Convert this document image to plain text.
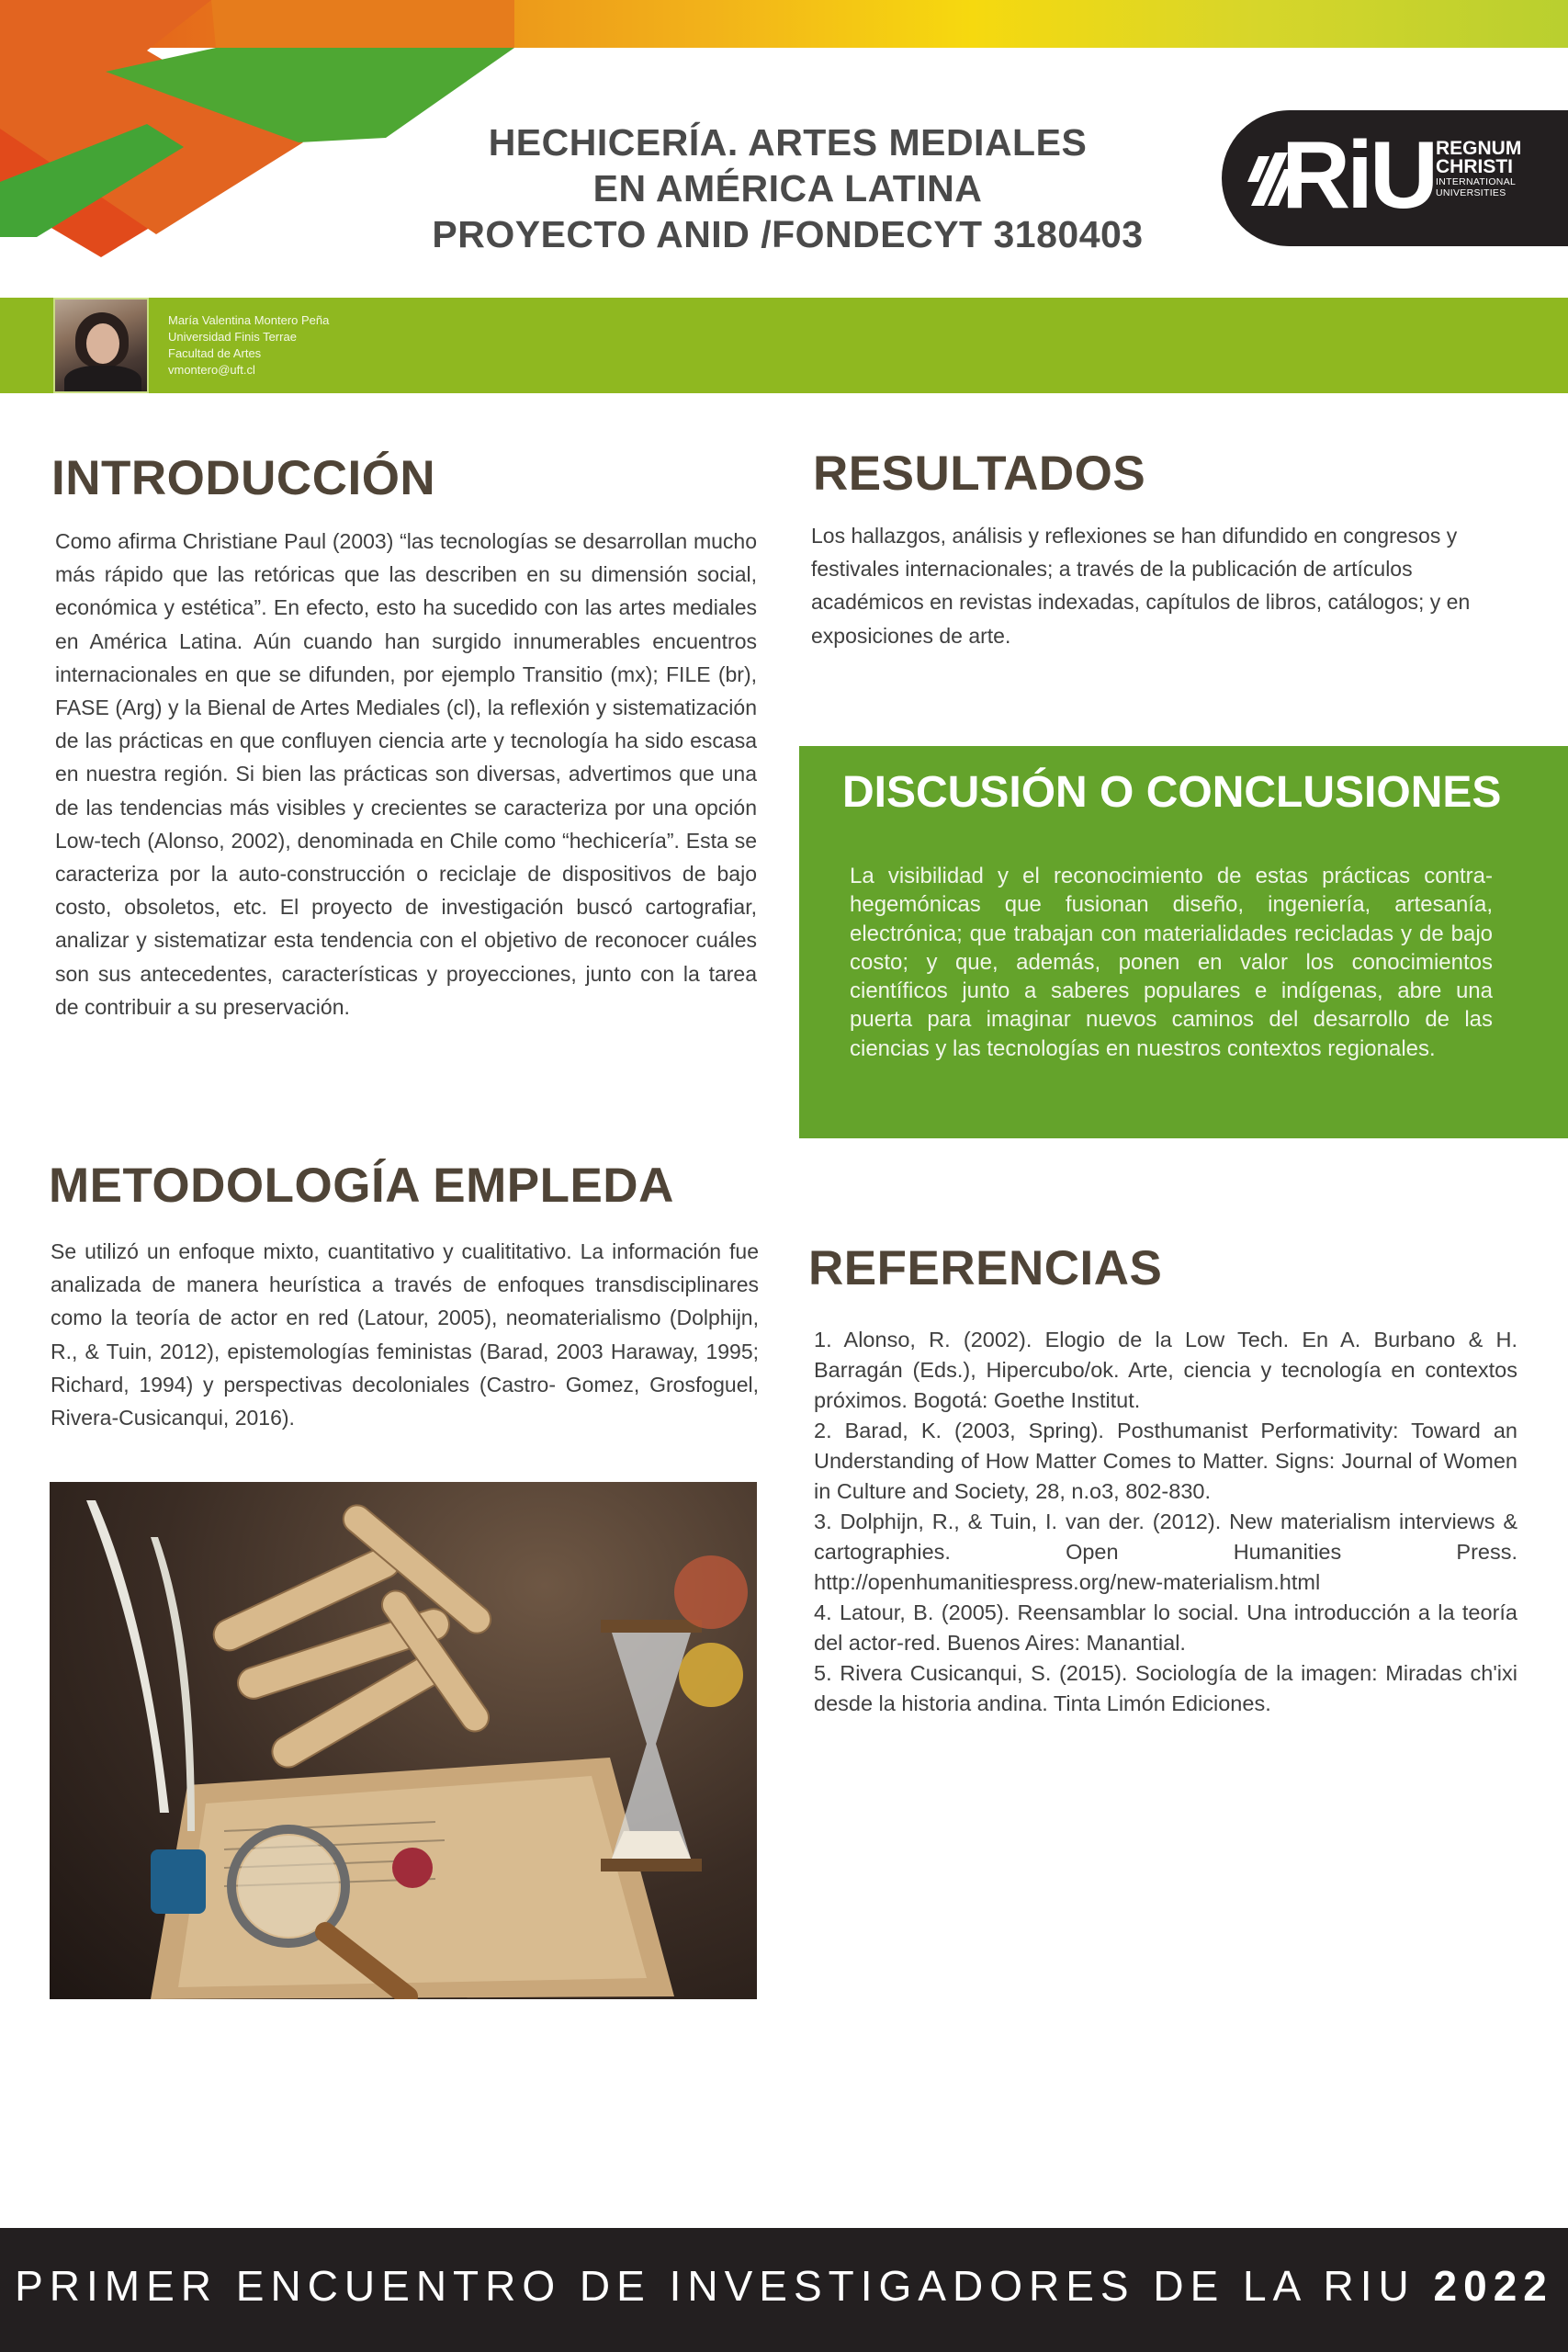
HECHICERÍA. ARTES MEDIALES
EN AMÉRICA LATINA
PROYECTO ANID /FONDECYT 3180403
RiU REGNUM
CHRISTI
INTERNATIONAL
UNIVERSITIES
María Valentina Montero Peña
Universidad Finis Terrae
Facultad de Artes
vmontero@uft.cl
INTRODUCCIÓN
Como afirma Christiane Paul (2003) “las tecnologías se desarrollan mucho más rápido que las retóricas que las describen en su dimensión social, económica y estética”. En efecto, esto ha sucedido con las artes mediales en América Latina. Aún cuando han surgido innumerables encuentros internacionales en que se difunden, por ejemplo Transitio (mx); FILE (br), FASE (Arg) y la Bienal de Artes Mediales (cl), la reflexión y sistematización de las prácticas en que confluyen ciencia arte y tecnología ha sido escasa en nuestra región. Si bien las prácticas son diversas, advertimos que una de las tendencias más visibles y crecientes se caracteriza por una opción Low-tech (Alonso, 2002), denominada en Chile como “hechicería”. Esta se caracteriza por la auto-construcción o reciclaje de dispositivos de bajo costo, obsoletos, etc. El proyecto de investigación buscó cartografiar, analizar y sistematizar esta tendencia con el objetivo de reconocer cuáles son sus antecedentes, características y proyecciones, junto con la tarea de contribuir a su preservación.
METODOLOGÍA EMPLEDA
Se utilizó un enfoque mixto, cuantitativo y cualititativo. La información fue analizada de manera heurística a través de enfoques transdisciplinares como la teoría de actor en red (Latour, 2005), neomaterialismo (Dolphijn, R., & Tuin, 2012), epistemologías feministas (Barad, 2003 Haraway, 1995; Richard, 1994) y perspectivas decoloniales (Castro- Gomez, Grosfoguel, Rivera-Cusicanqui, 2016).
RESULTADOS
Los hallazgos, análisis y reflexiones se han difundido en congresos y festivales internacionales; a través de la publicación de artículos académicos en revistas indexadas, capítulos de libros, catálogos; y en exposiciones de arte.
DISCUSIÓN O CONCLUSIONES
La visibilidad y el reconocimiento de estas prácticas contra-hegemónicas que fusionan diseño, ingeniería, artesanía, electrónica; que trabajan con materialidades recicladas y de bajo costo; y que, además, ponen en valor los conocimientos científicos junto a saberes populares e indígenas, abre una puerta para imaginar nuevos caminos del desarrollo de las ciencias y las tecnologías en nuestros contextos regionales.
REFERENCIAS

1. Alonso, R. (2002). Elogio de la Low Tech. En A. Burbano & H. Barragán (Eds.), Hipercubo/ok. Arte, ciencia y tecnología en contextos próximos. Bogotá: Goethe Institut.

2. Barad, K. (2003, Spring). Posthumanist Performativity: Toward an Understanding of How Matter Comes to Matter. Signs: Journal of Women in Culture and Society, 28, n.o3, 802-830.

3. Dolphijn, R., & Tuin, I. van der. (2012). New materialism interviews & cartographies. Open Humanities Press. http://openhumanitiespress.org/new-materialism.html

4. Latour, B. (2005). Reensamblar lo social. Una introducción a la teoría del actor-red. Buenos Aires: Manantial.

5. Rivera Cusicanqui, S. (2015). Sociología de la imagen: Miradas ch'ixi desde la historia andina. Tinta Limón Ediciones.

PRIMER ENCUENTRO DE INVESTIGADORES DE LA RIU 2022
